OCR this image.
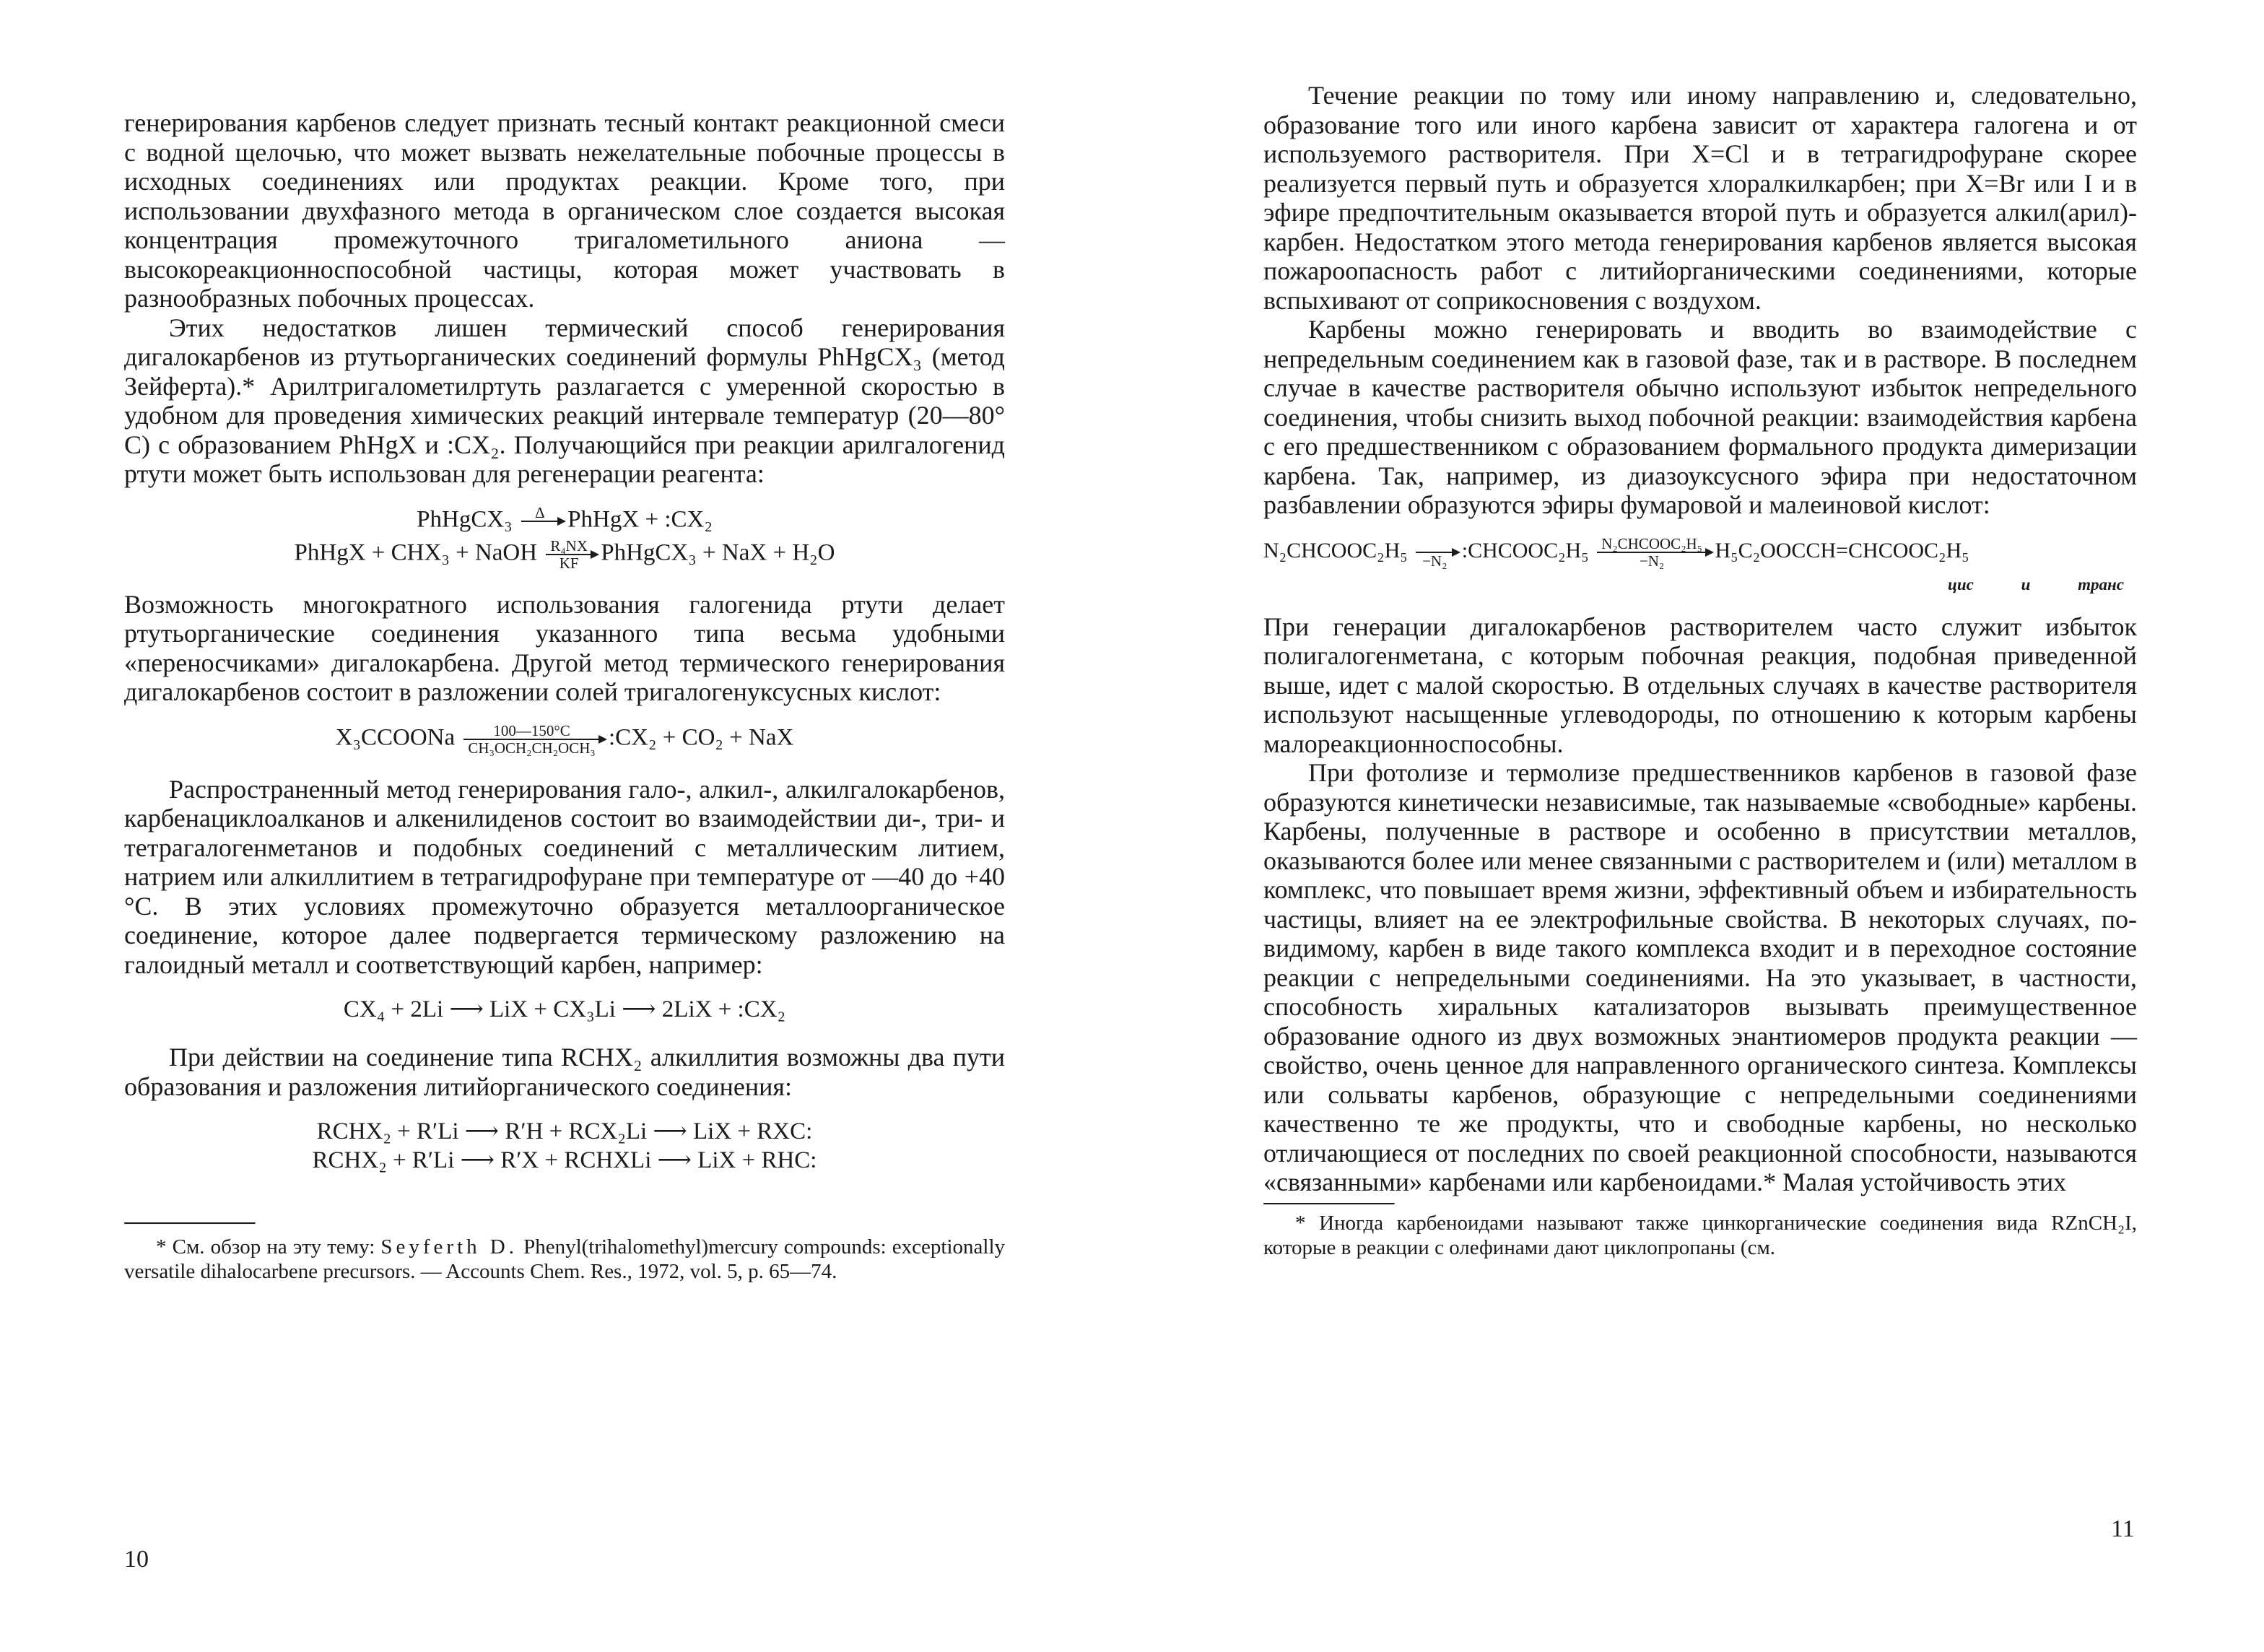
генерирования карбенов следует признать тесный контакт реакционной смеси с водной щелочью, что может вызвать нежелательные побочные процессы в исходных соединениях или продуктах реакции. Кроме того, при использовании двухфазного метода в органическом слое создается высокая концентрация промежуточного тригалометильного аниона — высокореакционноспособной частицы, которая может участвовать в разнообразных побочных процессах.

Этих недостатков лишен термический способ генерирования дигалокарбенов из ртутьорганических соединений формулы PhHgCX₃ (метод Зейферта).* Арилтригалометилртуть разлагается с умеренной скоростью в удобном для проведения химических реакций интервале температур (20—80° C) с образованием PhHgX и :CX₂. Получающийся при реакции арилгалогенид ртути может быть использован для регенерации реагента:

PhHgCX₃	Δ
PhHgX + :CX₂
PhHgX + CHX₃ + NaOH $\frac{\text{R₄NX}}{KF}$ PhHgCX₃ + NaX + H₂O

Возможность многократного использования галогенида ртути делает ртутьорганические соединения указанного типа весьма удобными «переносчиками» дигалокарбена. Другой метод термического генерирования дигалокарбенов состоит в разложении солей тригалогенуксусных кислот:

X₃CCOONa	100—150°C
CH₃OCH₂CH₂OCH₃ :CX₂ + CO₂ + NaX

Распространенный метод генерирования гало-, алкил-, алкилгалокарбенов, карбенациклоалканов и алкенилиденов состоит во взаимодействии ди-, три- и тетрагалогенметанов и подобных соединений с металлическим литием, натрием или алкиллитием в тетрагидрофуране при температуре от —40 до +40 °C. В этих условиях промежуточно образуется металлоорганическое соединение, которое далее подвергается термическому разложению на галоидный металл и соответствующий карбен, например:

CX₄ + 2Li ⟶ LiX + CX₃Li ⟶ 2LiX + :CX₂

При действии на соединение типа RCHX₂ алкиллития возможны два пути образования и разложения литийорганического соединения:

RCHX₂ + R′Li ⟶ R′H + RCX₂Li ⟶ LiX + RXC:
RCHX₂ + R′Li ⟶ R′X + RCHXLi ⟶ LiX + RHC:

* См. обзор на эту тему: Seyferth D. Phenyl(trihalomethyl)mercury compounds: exceptionally versatile dihalocarbene precursors. — Accounts Chem. Res., 1972, vol. 5, p. 65—74.

10

Течение реакции по тому или иному направлению и, следовательно, образование того или иного карбена зависит от характера галогена и от используемого растворителя. При X=Cl и в тетрагидрофуране скорее реализуется первый путь и образуется хлоралкилкарбен; при X=Br или I и в эфире предпочтительным оказывается второй путь и образуется алкил(арил)-карбен. Недостатком этого метода генерирования карбенов является высокая пожароопасность работ с литийорганическими соединениями, которые вспыхивают от соприкосновения с воздухом.

Карбены можно генерировать и вводить во взаимодействие с непредельным соединением как в газовой фазе, так и в растворе. В последнем случае в качестве растворителя обычно используют избыток непредельного соединения, чтобы снизить выход побочной реакции: взаимодействия карбена с его предшественником с образованием формального продукта димеризации карбена. Так, например, из диазоуксусного эфира при недостаточном разбавлении образуются эфиры фумаровой и малеиновой кислот:

N₂CHCOOC₂H₅
−N₂ :CHCOOC₂H₅ N₂CHCOOC₂H₅
−N₂	H₅C₂OOCCH=CHCOOC₂H₅
цис	и	транс

При генерации дигалокарбенов растворителем часто служит избыток полигалогенметана, с которым побочная реакция, подобная приведенной выше, идет с малой скоростью. В отдельных случаях в качестве растворителя используют насыщенные углеводороды, по отношению к которым карбены малореакционноспособны.

При фотолизе и термолизе предшественников карбенов в газовой фазе образуются кинетически независимые, так называемые «свободные» карбены. Карбены, полученные в растворе и особенно в присутствии металлов, оказываются более или менее связанными с растворителем и (или) металлом в комплекс, что повышает время жизни, эффективный объем и избирательность частицы, влияет на ее электрофильные свойства. В некоторых случаях, по-видимому, карбен в виде такого комплекса входит и в переходное состояние реакции с непредельными соединениями. На это указывает, в частности, способность хиральных катализаторов вызывать преимущественное образование одного из двух возможных энантиомеров продукта реакции — свойство, очень ценное для направленного органического синтеза. Комплексы или сольваты карбенов, образующие с непредельными соединениями качественно те же продукты, что и свободные карбены, но несколько отличающиеся от последних по своей реакционной способности, называются «связанными» карбенами или карбеноидами.* Малая устойчивость этих

* Иногда карбеноидами называют также цинкорганические соединения вида RZnCH₂I, которые в реакции с олефинами дают циклопропаны (см.

11
